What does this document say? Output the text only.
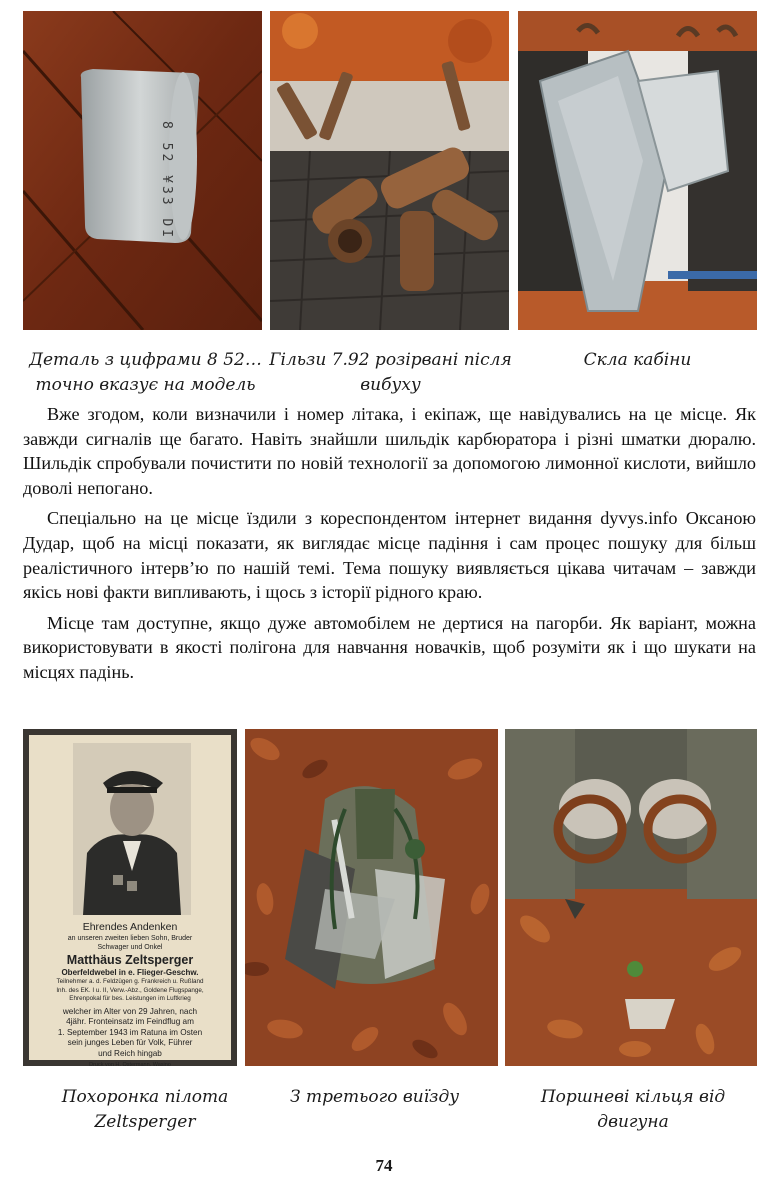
8 52 ¥33 DI
Деталь з цифрами 8 52… точно вказує на модель
Гільзи 7.92 розірвані після вибуху
Скла кабіни

Вже згодом, коли визначили і номер літака, і екіпаж, ще навідувались на це місце. Як завжди сигналів ще багато. Навіть знайшли шильдік карбюратора і різні шматки дюралю. Шильдік спробували почистити по новій технології за допомогою лимонної кислоти, вийшло доволі непогано.

Спеціально на це місце їздили з кореспондентом інтернет видання dyvys.info Оксаною Дудар, щоб на місці показати, як виглядає місце падіння і сам процес пошуку для більш реалістичного інтерв’ю по нашій темі. Тема пошуку виявляється цікава читачам – завжди якісь нові факти випливають, і щось з історії рідного краю.

Місце там доступне, якщо дуже автомобілем не дертися на пагорби. Як варіант, можна використовувати в якості полігона для навчання новачків, щоб розуміти як і що шукати на місцях падінь.

Ehrendes Andenken
an unseren zweiten lieben Sohn, Bruder
Schwager und Onkel
Matthäus Zeltsperger
Oberfeldwebel in e. Flieger-Geschw.
Teilnehmer a. d. Feldzügen g. Frankreich u. Rußland
Inh. des EK. I u. II, Verw.-Abz., Goldene Flugspange,
Ehrenpokal für bes. Leistungen im Luftkrieg
welcher im Alter von 29 Jahren, nach
4jähr. Fronteinsatz im Feindflug am
1. September 1943 im Ratuna im Osten
sein junges Leben für Volk, Führer
und Reich hingab
Druck von H. Ostermann, Wasino
Похоронка пілота Zeltsperger
З третього виїзду	Поршневі кільця від двигуна
74
